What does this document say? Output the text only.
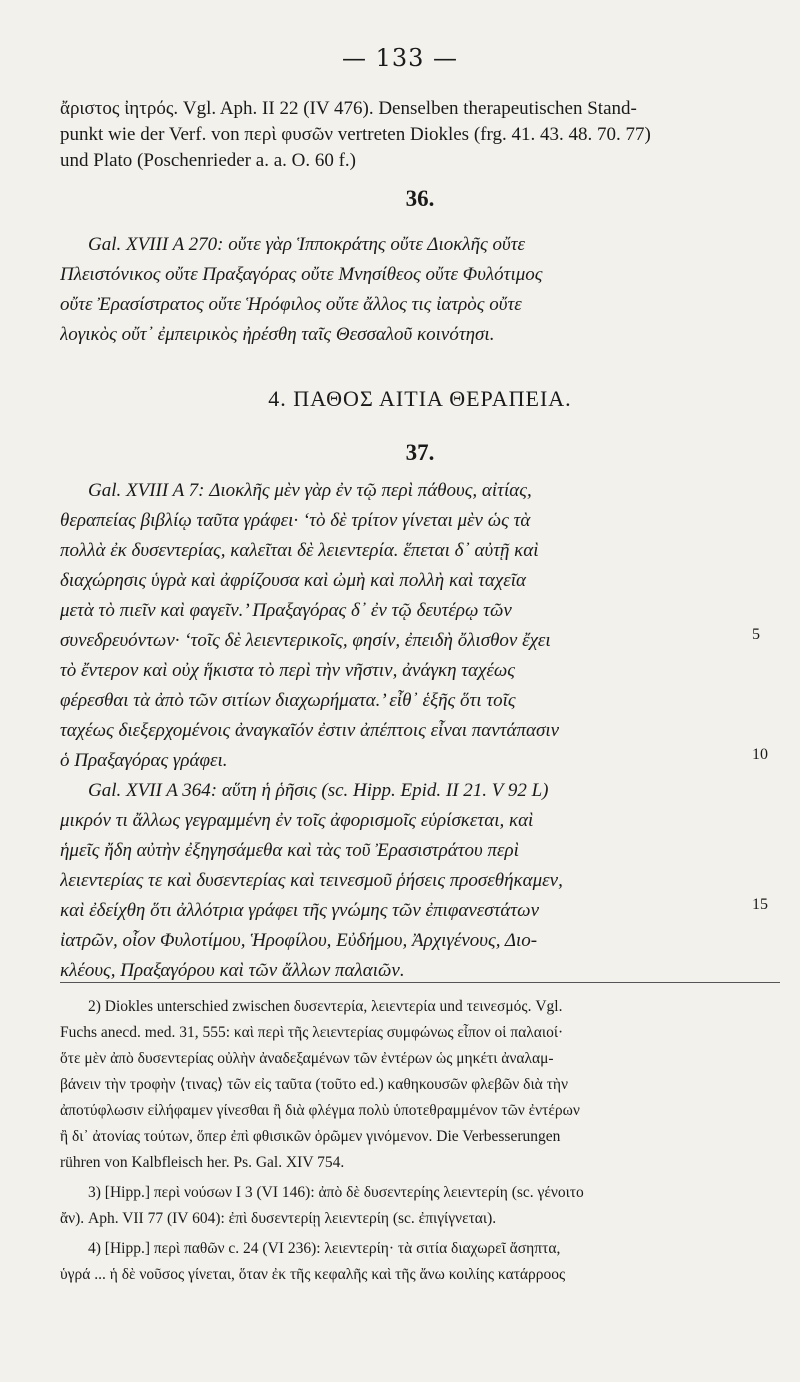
— 133 —
ἄριστος ἰητρός. Vgl. Aph. II 22 (IV 476). Denselben therapeutischen Stand-
punkt wie der Verf. von περὶ φυσῶν vertreten Diokles (frg. 41. 43. 48. 70. 77)
und Plato (Poschenrieder a. a. O. 60 f.)
36.
Gal. XVIII A 270: οὔτε γὰρ Ἱπποκράτης οὔτε Διοκλῆς οὔτε
Πλειστόνικος οὔτε Πραξαγόρας οὔτε Μνησίθεος οὔτε Φυλότιμος
οὔτε Ἐρασίστρατος οὔτε Ἡρόφιλος οὔτε ἄλλος τις ἰατρὸς οὔτε
λογικὸς οὔτ᾽ ἐμπειρικὸς ἠρέσθη ταῖς Θεσσαλοῦ κοινότησι.
4. ΠΑΘΟΣ ΑΙΤΙΑ ΘΕΡΑΠΕΙΑ.
37.
Gal. XVIII A 7: Διοκλῆς μὲν γὰρ ἐν τῷ περὶ πάθους, αἰτίας,
θεραπείας βιβλίῳ ταῦτα γράφει· ‘τὸ δὲ τρίτον γίνεται μὲν ὡς τὰ
πολλὰ ἐκ δυσεντερίας, καλεῖται δὲ λειεντερία. ἕπεται δ᾽ αὐτῇ καὶ
διαχώρησις ὑγρὰ καὶ ἀφρίζουσα καὶ ὠμὴ καὶ πολλὴ καὶ ταχεῖα
μετὰ τὸ πιεῖν καὶ φαγεῖν.’ Πραξαγόρας δ᾽ ἐν τῷ δευτέρῳ τῶν
συνεδρευόντων· ‘τοῖς δὲ λειεντερικοῖς, φησίν, ἐπειδὴ ὄλισθον ἔχει
τὸ ἔντερον καὶ οὐχ ἥκιστα τὸ περὶ τὴν νῆστιν, ἀνάγκη ταχέως
φέρεσθαι τὰ ἀπὸ τῶν σιτίων διαχωρήματα.’ εἶθ᾽ ἑξῆς ὅτι τοῖς
ταχέως διεξερχομένοις ἀναγκαῖόν ἐστιν ἀπέπτοις εἶναι παντάπασιν
ὁ Πραξαγόρας γράφει.
Gal. XVII A 364: αὕτη ἡ ῥῆσις (sc. Hipp. Epid. II 21. V 92 L)
μικρόν τι ἄλλως γεγραμμένη ἐν τοῖς ἀφορισμοῖς εὑρίσκεται, καὶ
ἡμεῖς ἤδη αὐτὴν ἐξηγησάμεθα καὶ τὰς τοῦ Ἐρασιστράτου περὶ
λειεντερίας τε καὶ δυσεντερίας καὶ τεινεσμοῦ ῥήσεις προσεθήκαμεν,
καὶ ἐδείχθη ὅτι ἀλλότρια γράφει τῆς γνώμης τῶν ἐπιφανεστάτων
ἰατρῶν, οἷον Φυλοτίμου, Ἡροφίλου, Εὐδήμου, Ἀρχιγένους, Διο-
κλέους, Πραξαγόρου καὶ τῶν ἄλλων παλαιῶν.
5
10
15
2) Diokles unterschied zwischen δυσεντερία, λειεντερία und τεινεσμός. Vgl.
Fuchs anecd. med. 31, 555: καὶ περὶ τῆς λειεντερίας συμφώνως εἶπον οἱ παλαιοί·
ὅτε μὲν ἀπὸ δυσεντερίας οὐλὴν ἀναδεξαμένων τῶν ἐντέρων ὡς μηκέτι ἀναλαμ-
βάνειν τὴν τροφὴν ⟨τινας⟩ τῶν εἰς ταῦτα (τοῦτο ed.) καθηκουσῶν φλεβῶν διὰ τὴν
ἀποτύφλωσιν εἰλήφαμεν γίνεσθαι ἢ διὰ φλέγμα πολὺ ὑποτεθραμμένον τῶν ἐντέρων
ἢ δι᾽ ἀτονίας τούτων, ὅπερ ἐπὶ φθισικῶν ὁρῶμεν γινόμενον. Die Verbesserungen
rühren von Kalbfleisch her. Ps. Gal. XIV 754.
3) [Hipp.] περὶ νούσων I 3 (VI 146): ἀπὸ δὲ δυσεντερίης λειεντερίη (sc. γένοιτο
ἄν). Aph. VII 77 (IV 604): ἐπὶ δυσεντερίῃ λειεντερίη (sc. ἐπιγίγνεται).
4) [Hipp.] περὶ παθῶν c. 24 (VI 236): λειεντερίη· τὰ σιτία διαχωρεῖ ἄσηπτα,
ὑγρά ... ἡ δὲ νοῦσος γίνεται, ὅταν ἐκ τῆς κεφαλῆς καὶ τῆς ἄνω κοιλίης κατάρροος
